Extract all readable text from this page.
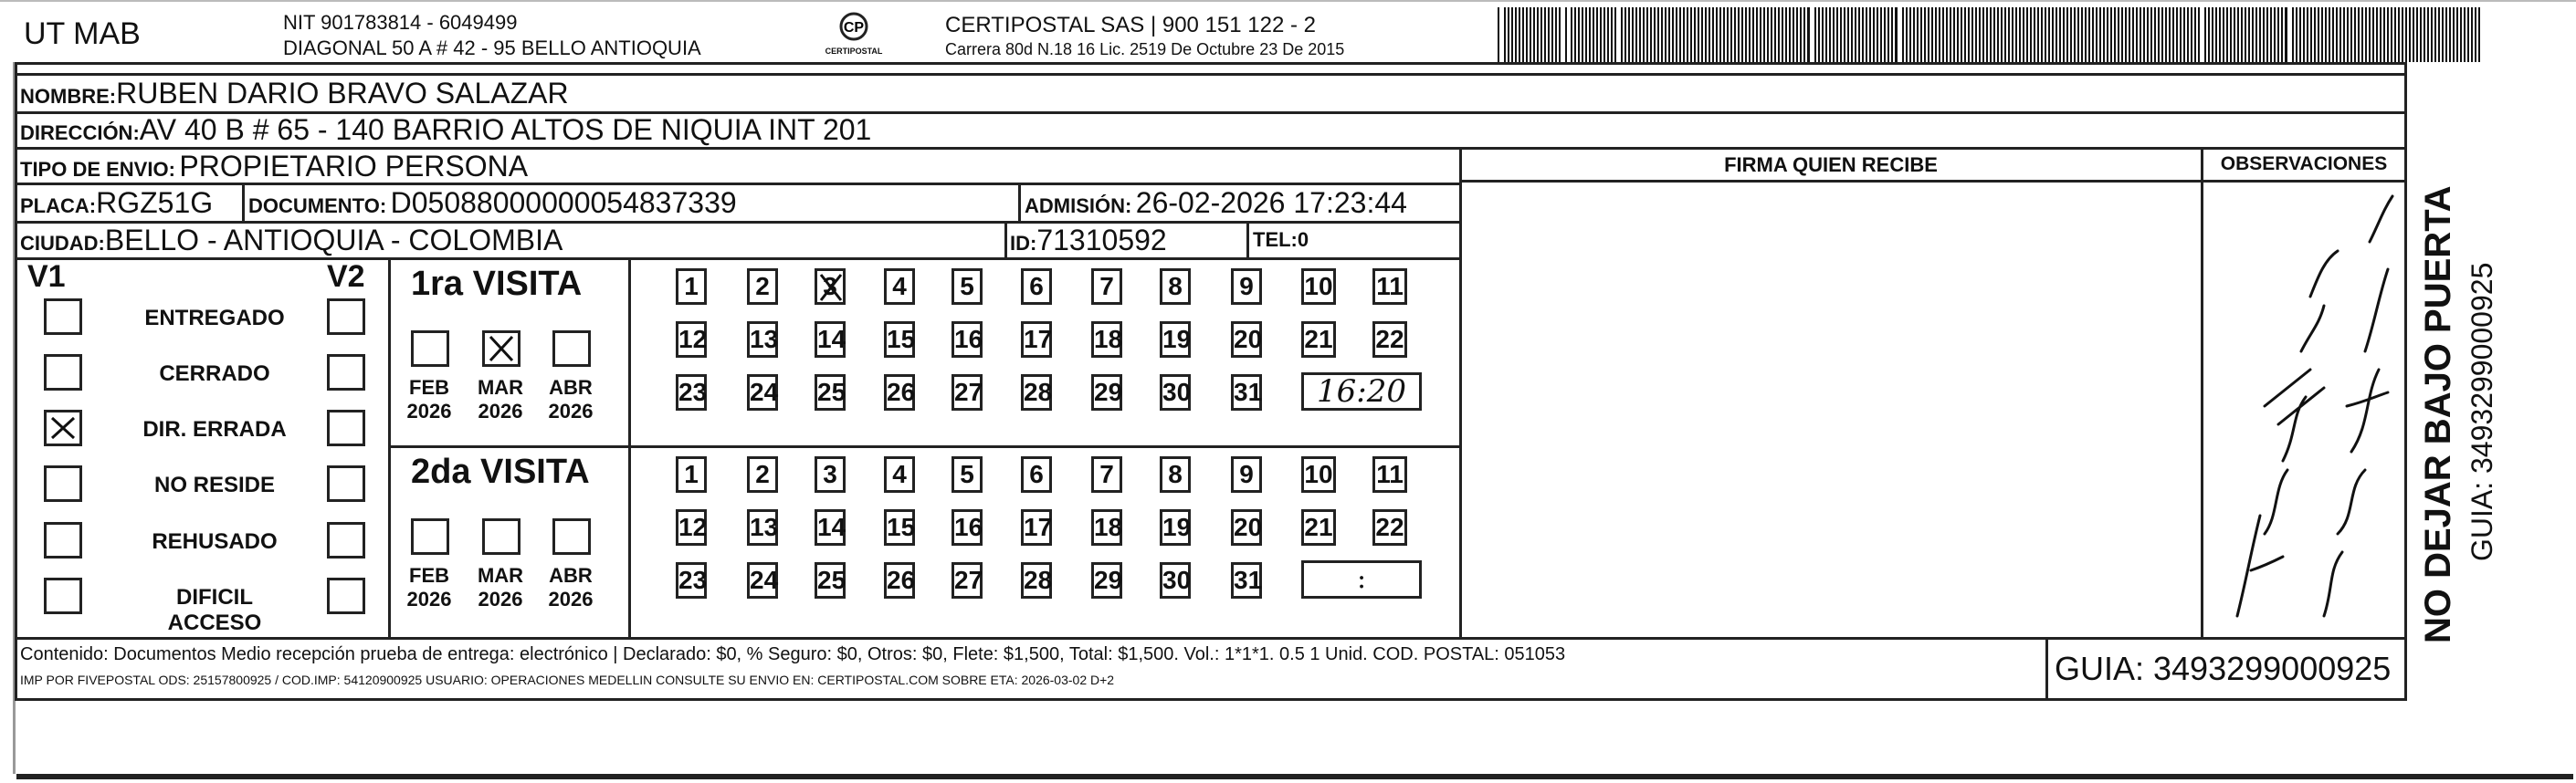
UT MAB	NIT 901783814 - 6049499
DIAGONAL 50 A # 42 - 95 BELLO ANTIOQUIA
CP
CERTIPOSTAL
CERTIPOSTAL SAS | 900 151 122 - 2
Carrera 80d N.18 16 Lic. 2519 De Octubre 23 De 2015
NOMBRE:RUBEN DARIO BRAVO SALAZAR
DIRECCIÓN:AV 40 B # 65 - 140 BARRIO ALTOS DE NIQUIA INT 201
TIPO DE ENVIO: PROPIETARIO PERSONA
PLACA:RGZ51G DOCUMENTO: D05088000000054837339	ADMISIÓN: 26-02-2026 17:23:44
CIUDAD:BELLO - ANTIOQUIA - COLOMBIA	ID:71310592	TEL:0
FIRMA QUIEN RECIBE	OBSERVACIONES
NO DEJAR BAJO PUERTA GUIA: 3493299000925
V1	V2
ENTREGADO
CERRADO
DIR. ERRADA
NO RESIDE
REHUSADO
DIFICIL ACCESO
1ra VISITA
FEB
2026
MAR
2026
ABR
2026
1	2	3	4	5	6	7	8	9	10 11
12 13 14 15 16 17 18 19 20 21 22
23 24 25 26 27 28 29 30 31	16:20
2da VISITA
FEB
2026
MAR
2026
ABR
2026
1	2	3	4	5	6	7	8	9	10 11
12 13 14 15 16 17 18 19 20 21 22
23 24 25 26 27 28 29 30 31	:
Contenido: Documentos Medio recepción prueba de entrega: electrónico | Declarado: $0, % Seguro: $0, Otros: $0, Flete: $1,500, Total: $1,500. Vol.: 1*1*1. 0.5 1 Unid. COD. POSTAL: 051053
IMP POR FIVEPOSTAL ODS: 25157800925 / COD.IMP: 54120900925 USUARIO: OPERACIONES MEDELLIN CONSULTE SU ENVIO EN: CERTIPOSTAL.COM SOBRE ETA: 2026-03-02 D+2	GUIA: 3493299000925
